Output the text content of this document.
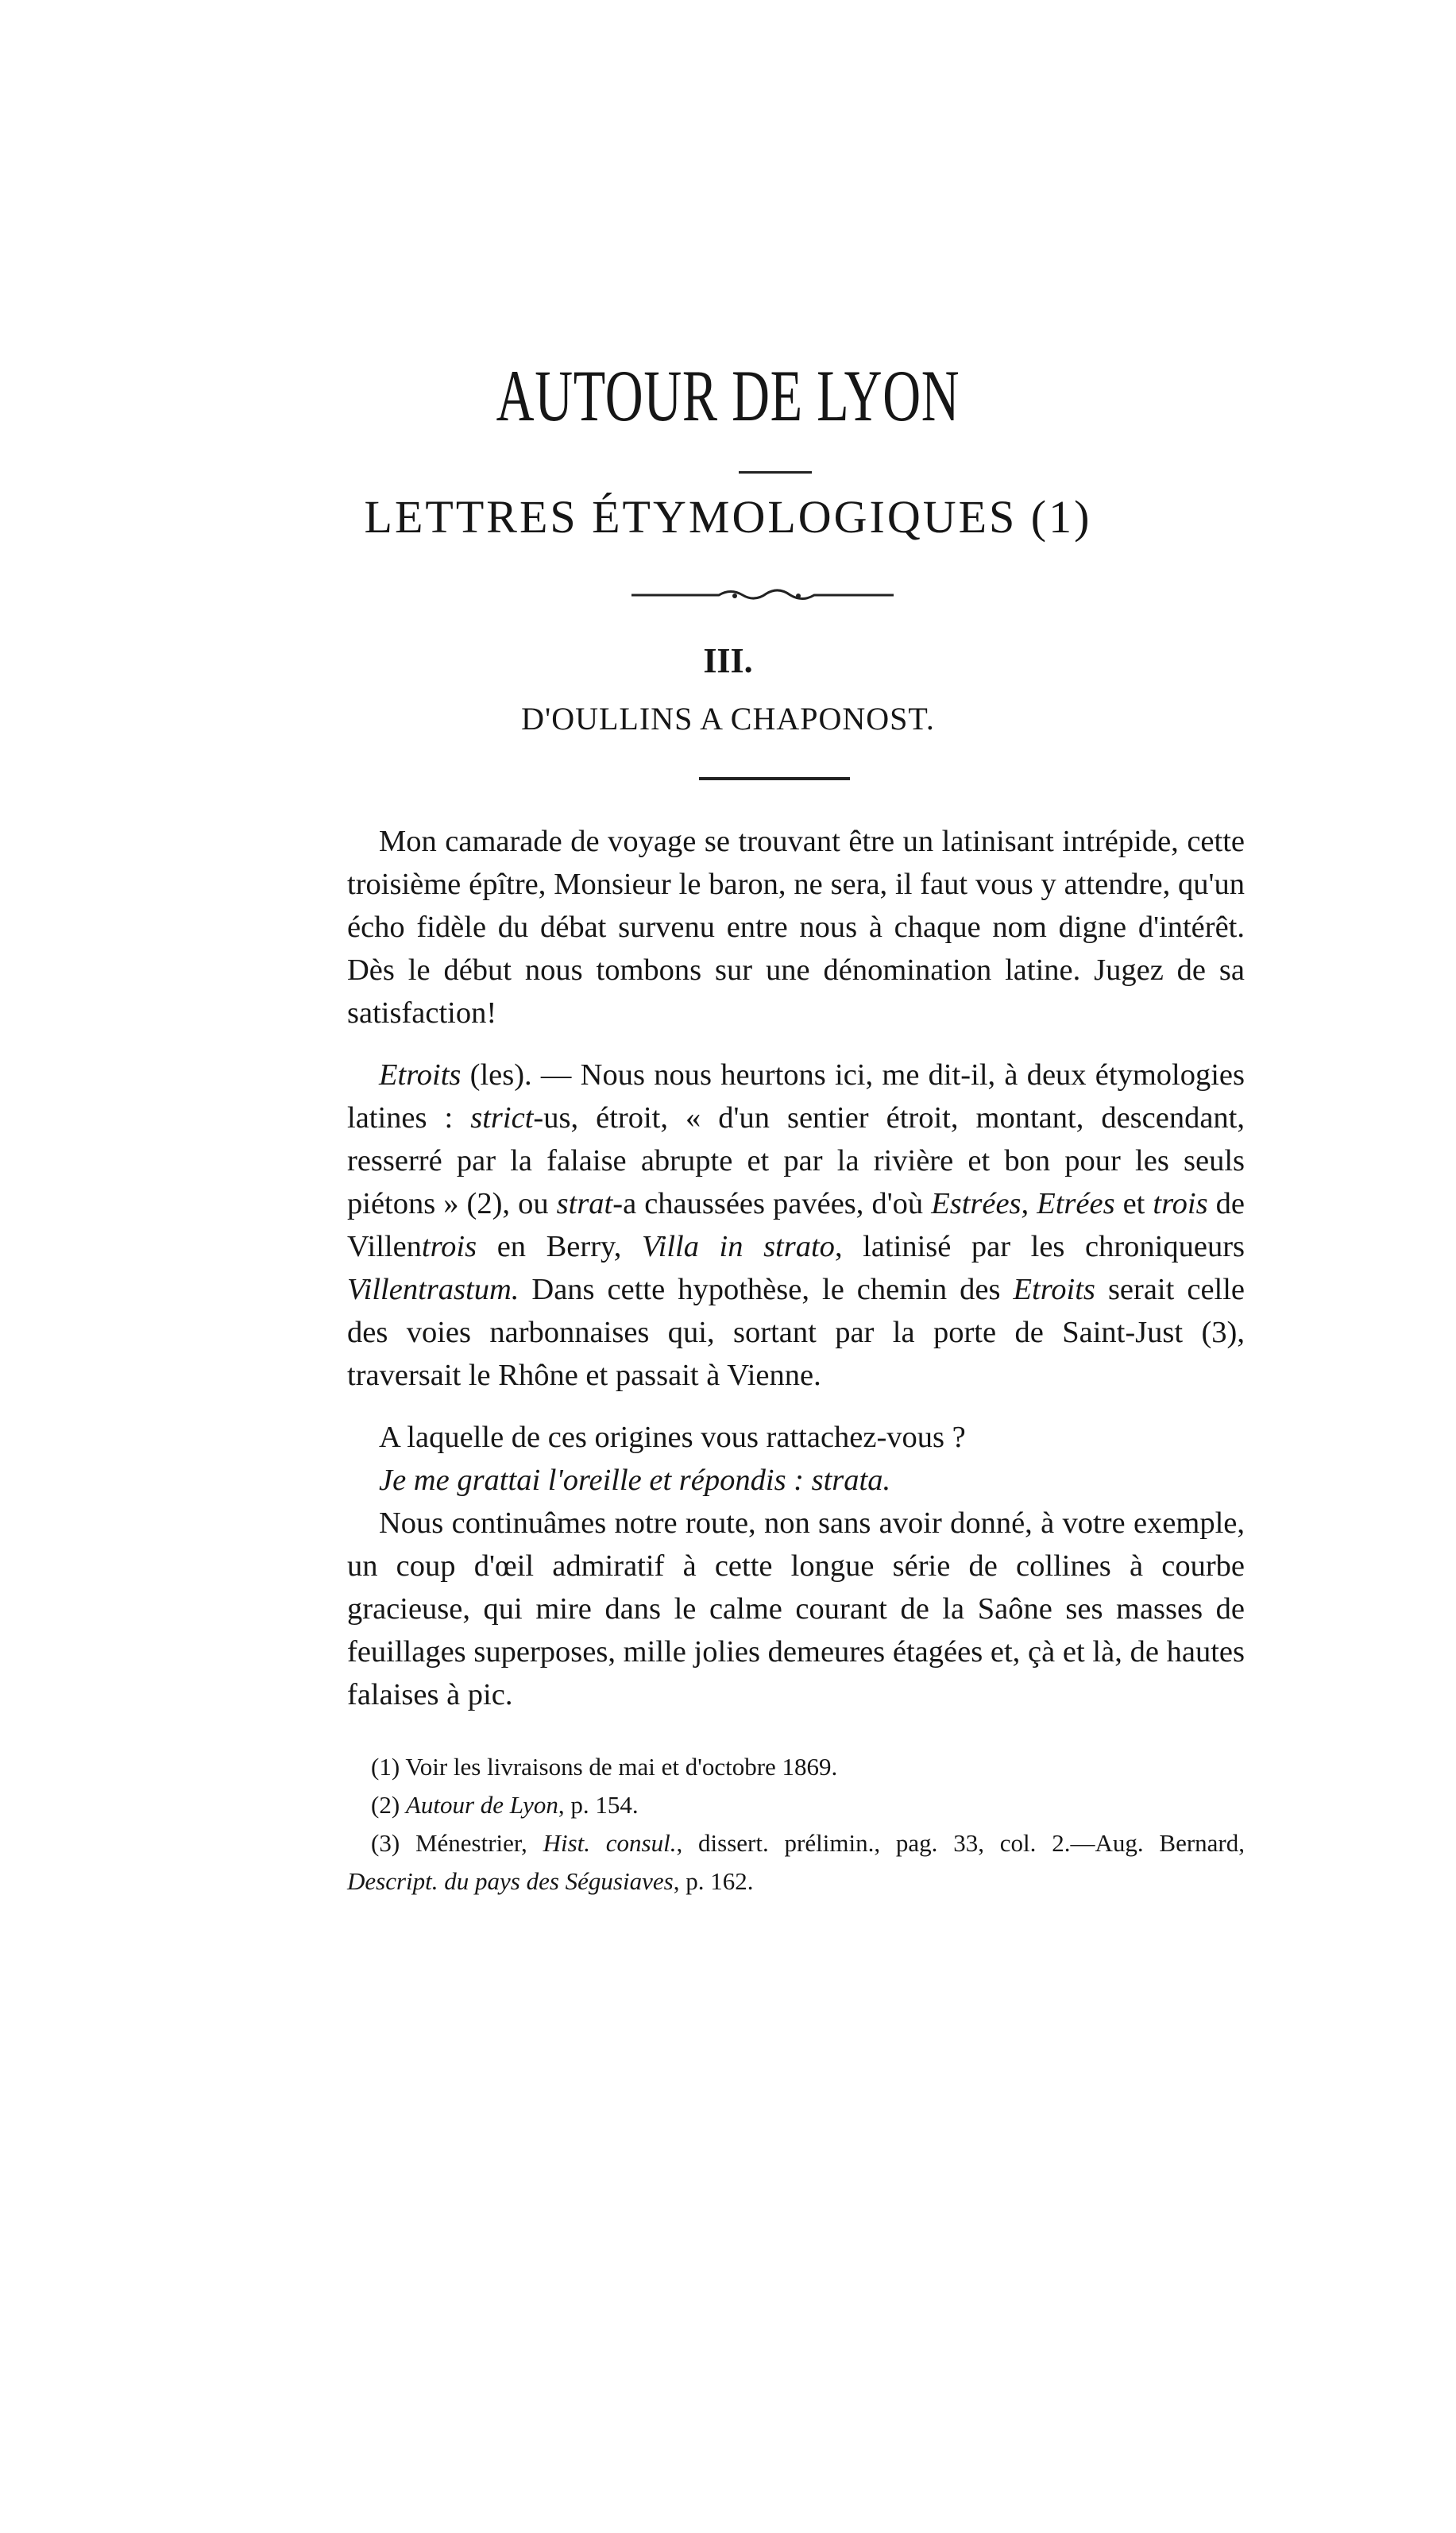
AUTOUR DE LYON
LETTRES ÉTYMOLOGIQUES (1)
III.
D'OULLINS A CHAPONOST.

Mon camarade de voyage se trouvant être un latinisant intrépide, cette troisième épître, Monsieur le baron, ne sera, il faut vous y attendre, qu'un écho fidèle du débat survenu entre nous à chaque nom digne d'intérêt. Dès le début nous tombons sur une dénomination latine. Jugez de sa satisfaction!

Etroits (les). — Nous nous heurtons ici, me dit-il, à deux étymologies latines : strict-us, étroit, « d'un sentier étroit, montant, descendant, resserré par la falaise abrupte et par la rivière et bon pour les seuls piétons » (2), ou strat-a chaussées pavées, d'où Estrées, Etrées et trois de Villentrois en Berry, Villa in strato, latinisé par les chroniqueurs Villentrastum. Dans cette hypothèse, le chemin des Etroits serait celle des voies narbonnaises qui, sortant par la porte de Saint-Just (3), traversait le Rhône et passait à Vienne.

A laquelle de ces origines vous rattachez-vous ?

Je me grattai l'oreille et répondis : strata.

Nous continuâmes notre route, non sans avoir donné, à votre exemple, un coup d'œil admiratif à cette longue série de collines à courbe gracieuse, qui mire dans le calme courant de la Saône ses masses de feuillages superposes, mille jolies demeures étagées et, çà et là, de hautes falaises à pic.

(1) Voir les livraisons de mai et d'octobre 1869.

(2) Autour de Lyon, p. 154.

(3) Ménestrier, Hist. consul., dissert. prélimin., pag. 33, col. 2.—Aug. Bernard, Descript. du pays des Ségusiaves, p. 162.
